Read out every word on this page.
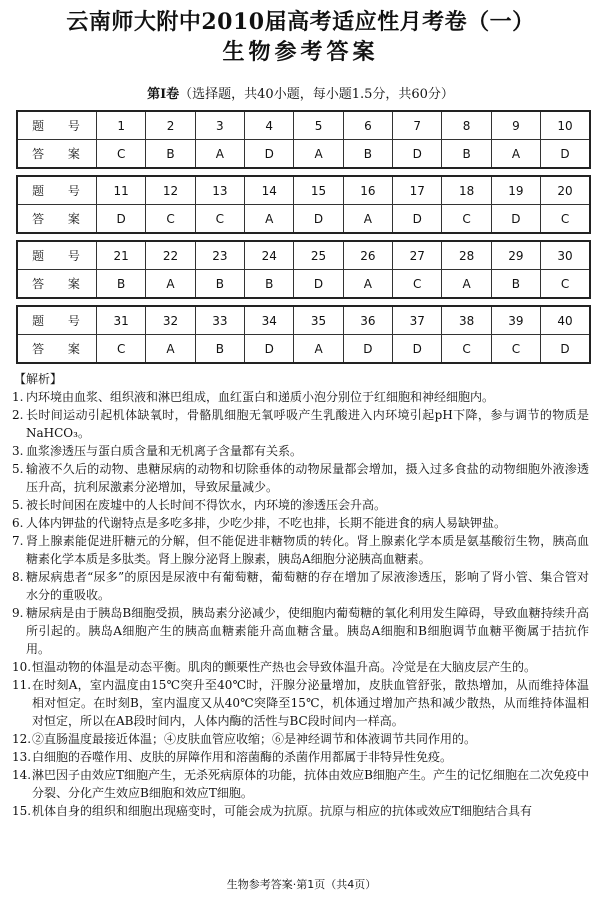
云南师大附中2010届高考适应性月考卷（一）
生物参考答案
第Ⅰ卷（选择题，共40小题，每小题1.5分，共60分）
题 号	1	2	3	4	5	6	7	8	9	10
答 案	C	B	A	D	A	B	D	B	A	D
题 号	11	12	13	14	15	16	17	18	19	20
答 案	D	C	C	A	D	A	D	C	D	C
题 号	21	22	23	24	25	26	27	28	29	30
答 案	B	A	B	B	D	A	C	A	B	C
题 号	31	32	33	34	35	36	37	38	39	40
答 案	C	A	B	D	A	D	D	C	C	D
【解析】
1. 内环境由血浆、组织液和淋巴组成，血红蛋白和递质小泡分别位于红细胞和神经细胞内。
2. 长时间运动引起机体缺氧时，骨骼肌细胞无氧呼吸产生乳酸进入内环境引起pH下降，参与调节的物质是NaHCO₃。
3. 血浆渗透压与蛋白质含量和无机离子含量都有关系。
5. 输液不久后的动物、患糖尿病的动物和切除垂体的动物尿量都会增加，摄入过多食盐的动物细胞外液渗透压升高，抗利尿激素分泌增加，导致尿量减少。
5. 被长时间困在废墟中的人长时间不得饮水，内环境的渗透压会升高。
6. 人体内钾盐的代谢特点是多吃多排，少吃少排，不吃也排，长期不能进食的病人易缺钾盐。
7. 肾上腺素能促进肝糖元的分解，但不能促进非糖物质的转化。肾上腺素化学本质是氨基酸衍生物，胰高血糖素化学本质是多肽类。肾上腺分泌肾上腺素，胰岛A细胞分泌胰高血糖素。
8. 糖尿病患者“尿多”的原因是尿液中有葡萄糖，葡萄糖的存在增加了尿液渗透压，影响了肾小管、集合管对水分的重吸收。
9. 糖尿病是由于胰岛B细胞受损，胰岛素分泌减少，使细胞内葡萄糖的氧化利用发生障碍，导致血糖持续升高所引起的。胰岛A细胞产生的胰高血糖素能升高血糖含量。胰岛A细胞和B细胞调节血糖平衡属于拮抗作用。
10. 恒温动物的体温是动态平衡。肌肉的颤栗性产热也会导致体温升高。冷觉是在大脑皮层产生的。
11. 在时刻A，室内温度由15℃突升至40℃时，汗腺分泌量增加，皮肤血管舒张，散热增加，从而维持体温相对恒定。在时刻B，室内温度又从40℃突降至15℃，机体通过增加产热和减少散热，从而维持体温相对恒定，所以在AB段时间内，人体内酶的活性与BC段时间内一样高。
12. ②直肠温度最接近体温；④皮肤血管应收缩；⑥是神经调节和体液调节共同作用的。
13. 白细胞的吞噬作用、皮肤的屏障作用和溶菌酶的杀菌作用都属于非特异性免疫。
14. 淋巴因子由效应T细胞产生，无杀死病原体的功能，抗体由效应B细胞产生。产生的记忆细胞在二次免疫中分裂、分化产生效应B细胞和效应T细胞。
15. 机体自身的组织和细胞出现癌变时，可能会成为抗原。抗原与相应的抗体或效应T细胞结合具有
生物参考答案·第1页（共4页）
